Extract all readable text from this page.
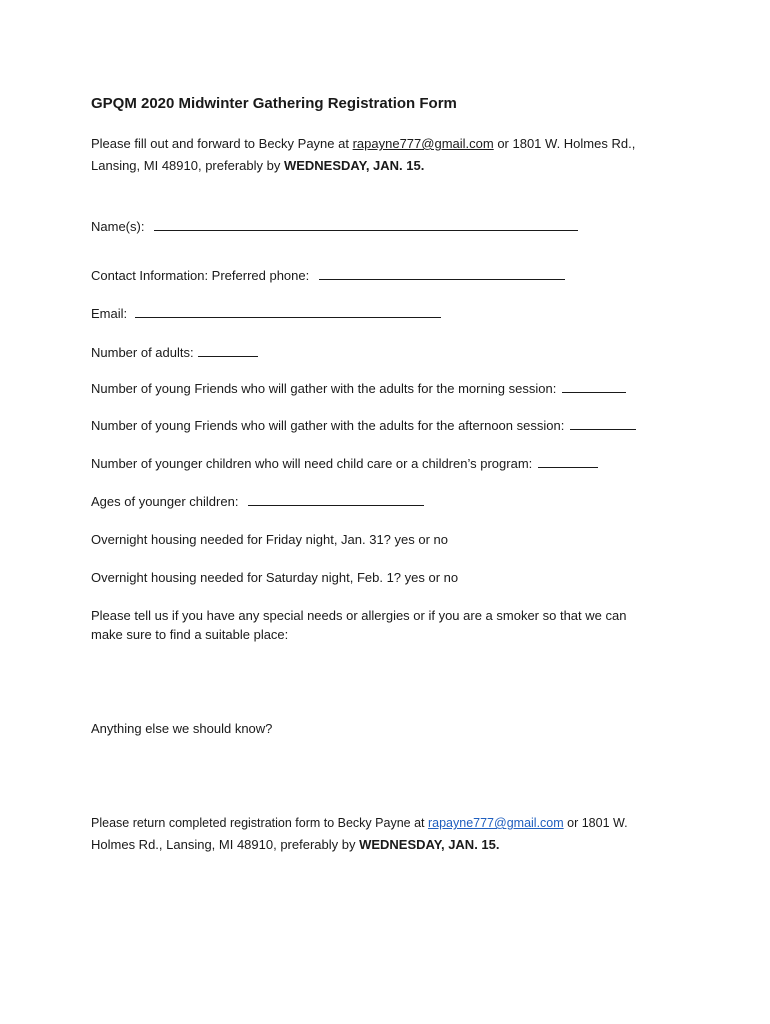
GPQM 2020 Midwinter Gathering Registration Form
Please fill out and forward to Becky Payne at rapayne777@gmail.com or 1801 W. Holmes Rd.,
Lansing, MI 48910, preferably by WEDNESDAY, JAN. 15.
Name(s):
Contact Information: Preferred phone:
Email:
Number of adults:
Number of young Friends who will gather with the adults for the morning session:
Number of young Friends who will gather with the adults for the afternoon session:
Number of younger children who will need child care or a children’s program:
Ages of younger children:
Overnight housing needed for Friday night, Jan. 31? yes or no
Overnight housing needed for Saturday night, Feb. 1? yes or no
Please tell us if you have any special needs or allergies or if you are a smoker so that we can
make sure to find a suitable place:
Anything else we should know?
Please return completed registration form to Becky Payne at rapayne777@gmail.com or 1801 W.
Holmes Rd., Lansing, MI 48910, preferably by WEDNESDAY, JAN. 15.
